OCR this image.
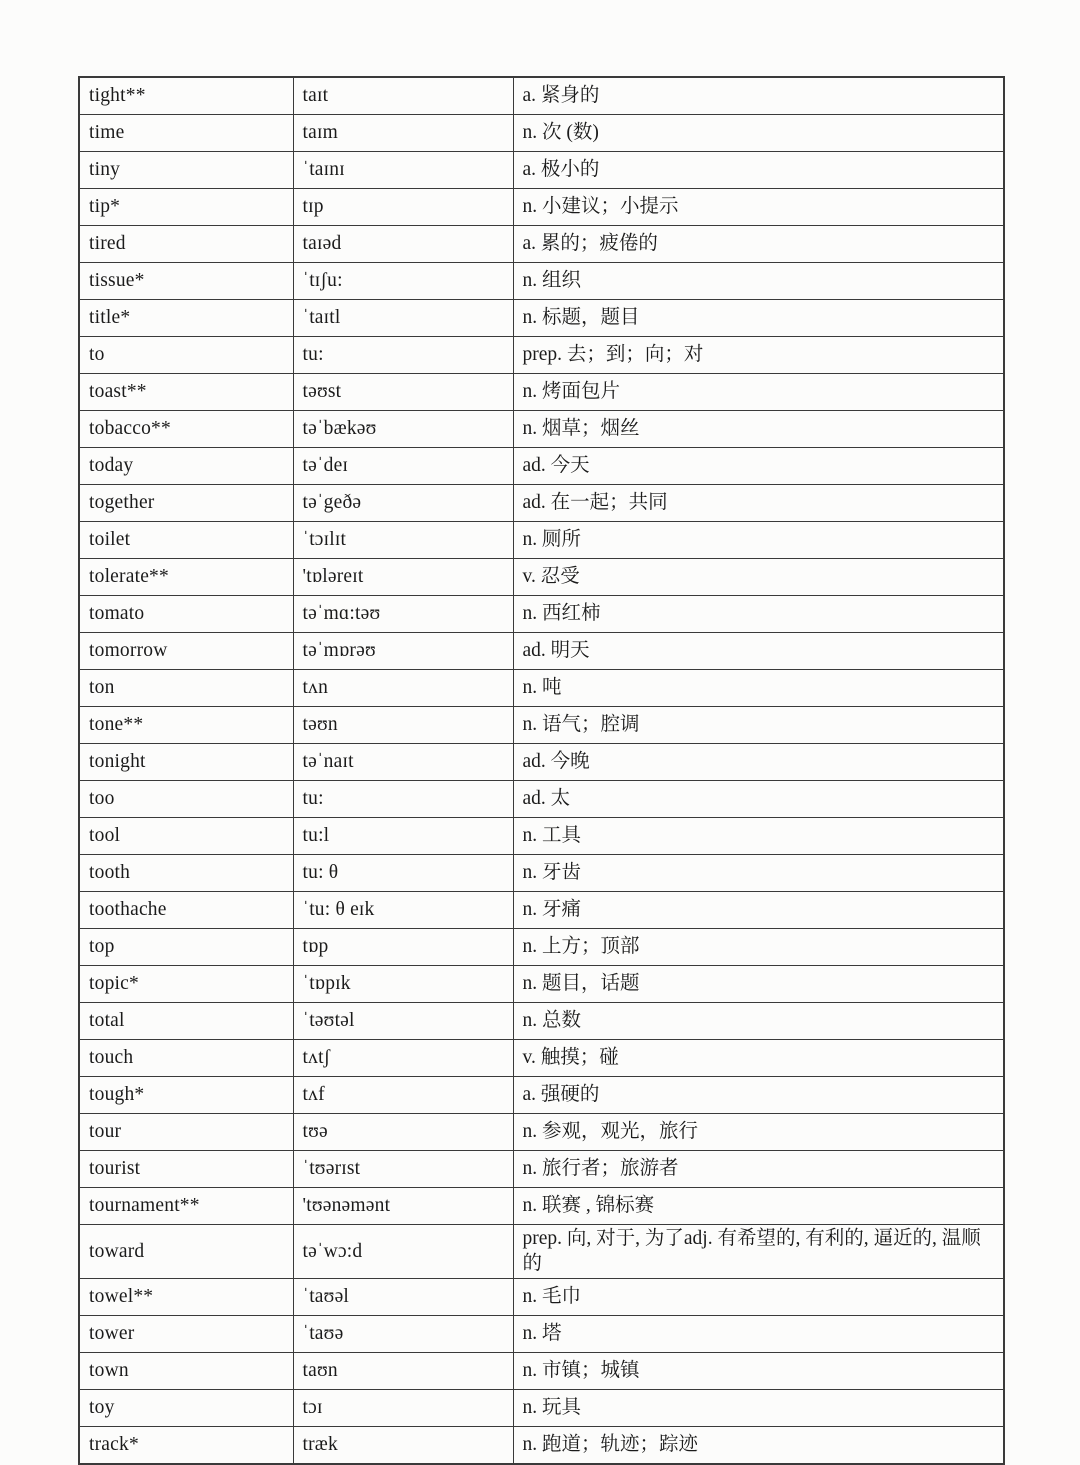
tight**	taɪt	a. 紧身的
time	taɪm	n. 次 (数)
tiny	ˈtaɪnɪ	a. 极小的
tip*	tɪp	n. 小建议；小提示
tired	taɪəd	a. 累的；疲倦的
tissue*	ˈtɪʃu:	n. 组织
title*	ˈtaɪtl	n. 标题，题目
to	tu:	prep. 去；到；向；对
toast**	təʊst	n. 烤面包片
tobacco**	təˈbækəʊ	n. 烟草；烟丝
today	təˈdeɪ	ad. 今天
together	təˈgeðə	ad. 在一起；共同
toilet	ˈtɔɪlɪt	n. 厕所
tolerate**	'tɒləreɪt	v. 忍受
tomato	təˈmɑ:təʊ	n. 西红柿
tomorrow	təˈmɒrəʊ	ad. 明天
ton	tʌn	n. 吨
tone**	təʊn	n. 语气；腔调
tonight	təˈnaɪt	ad. 今晚
too	tu:	ad. 太
tool	tu:l	n. 工具
tooth	tu: θ	n. 牙齿
toothache	ˈtu: θ eɪk	n. 牙痛
top	tɒp	n. 上方；顶部
topic*	ˈtɒpɪk	n. 题目，话题
total	ˈtəʊtəl	n. 总数
touch	tʌtʃ	v. 触摸；碰
tough*	tʌf	a. 强硬的
tour	tʊə	n. 参观，观光，旅行
tourist	ˈtʊərɪst	n. 旅行者；旅游者
tournament**	'tʊənəmənt	n. 联赛 , 锦标赛
toward	təˈwɔ:d	prep. 向, 对于, 为了adj. 有希望的, 有利的, 逼近的, 温顺的
towel**	ˈtaʊəl	n. 毛巾
tower	ˈtaʊə	n. 塔
town	taʊn	n. 市镇；城镇
toy	tɔɪ	n. 玩具
track*	træk	n. 跑道；轨迹；踪迹
